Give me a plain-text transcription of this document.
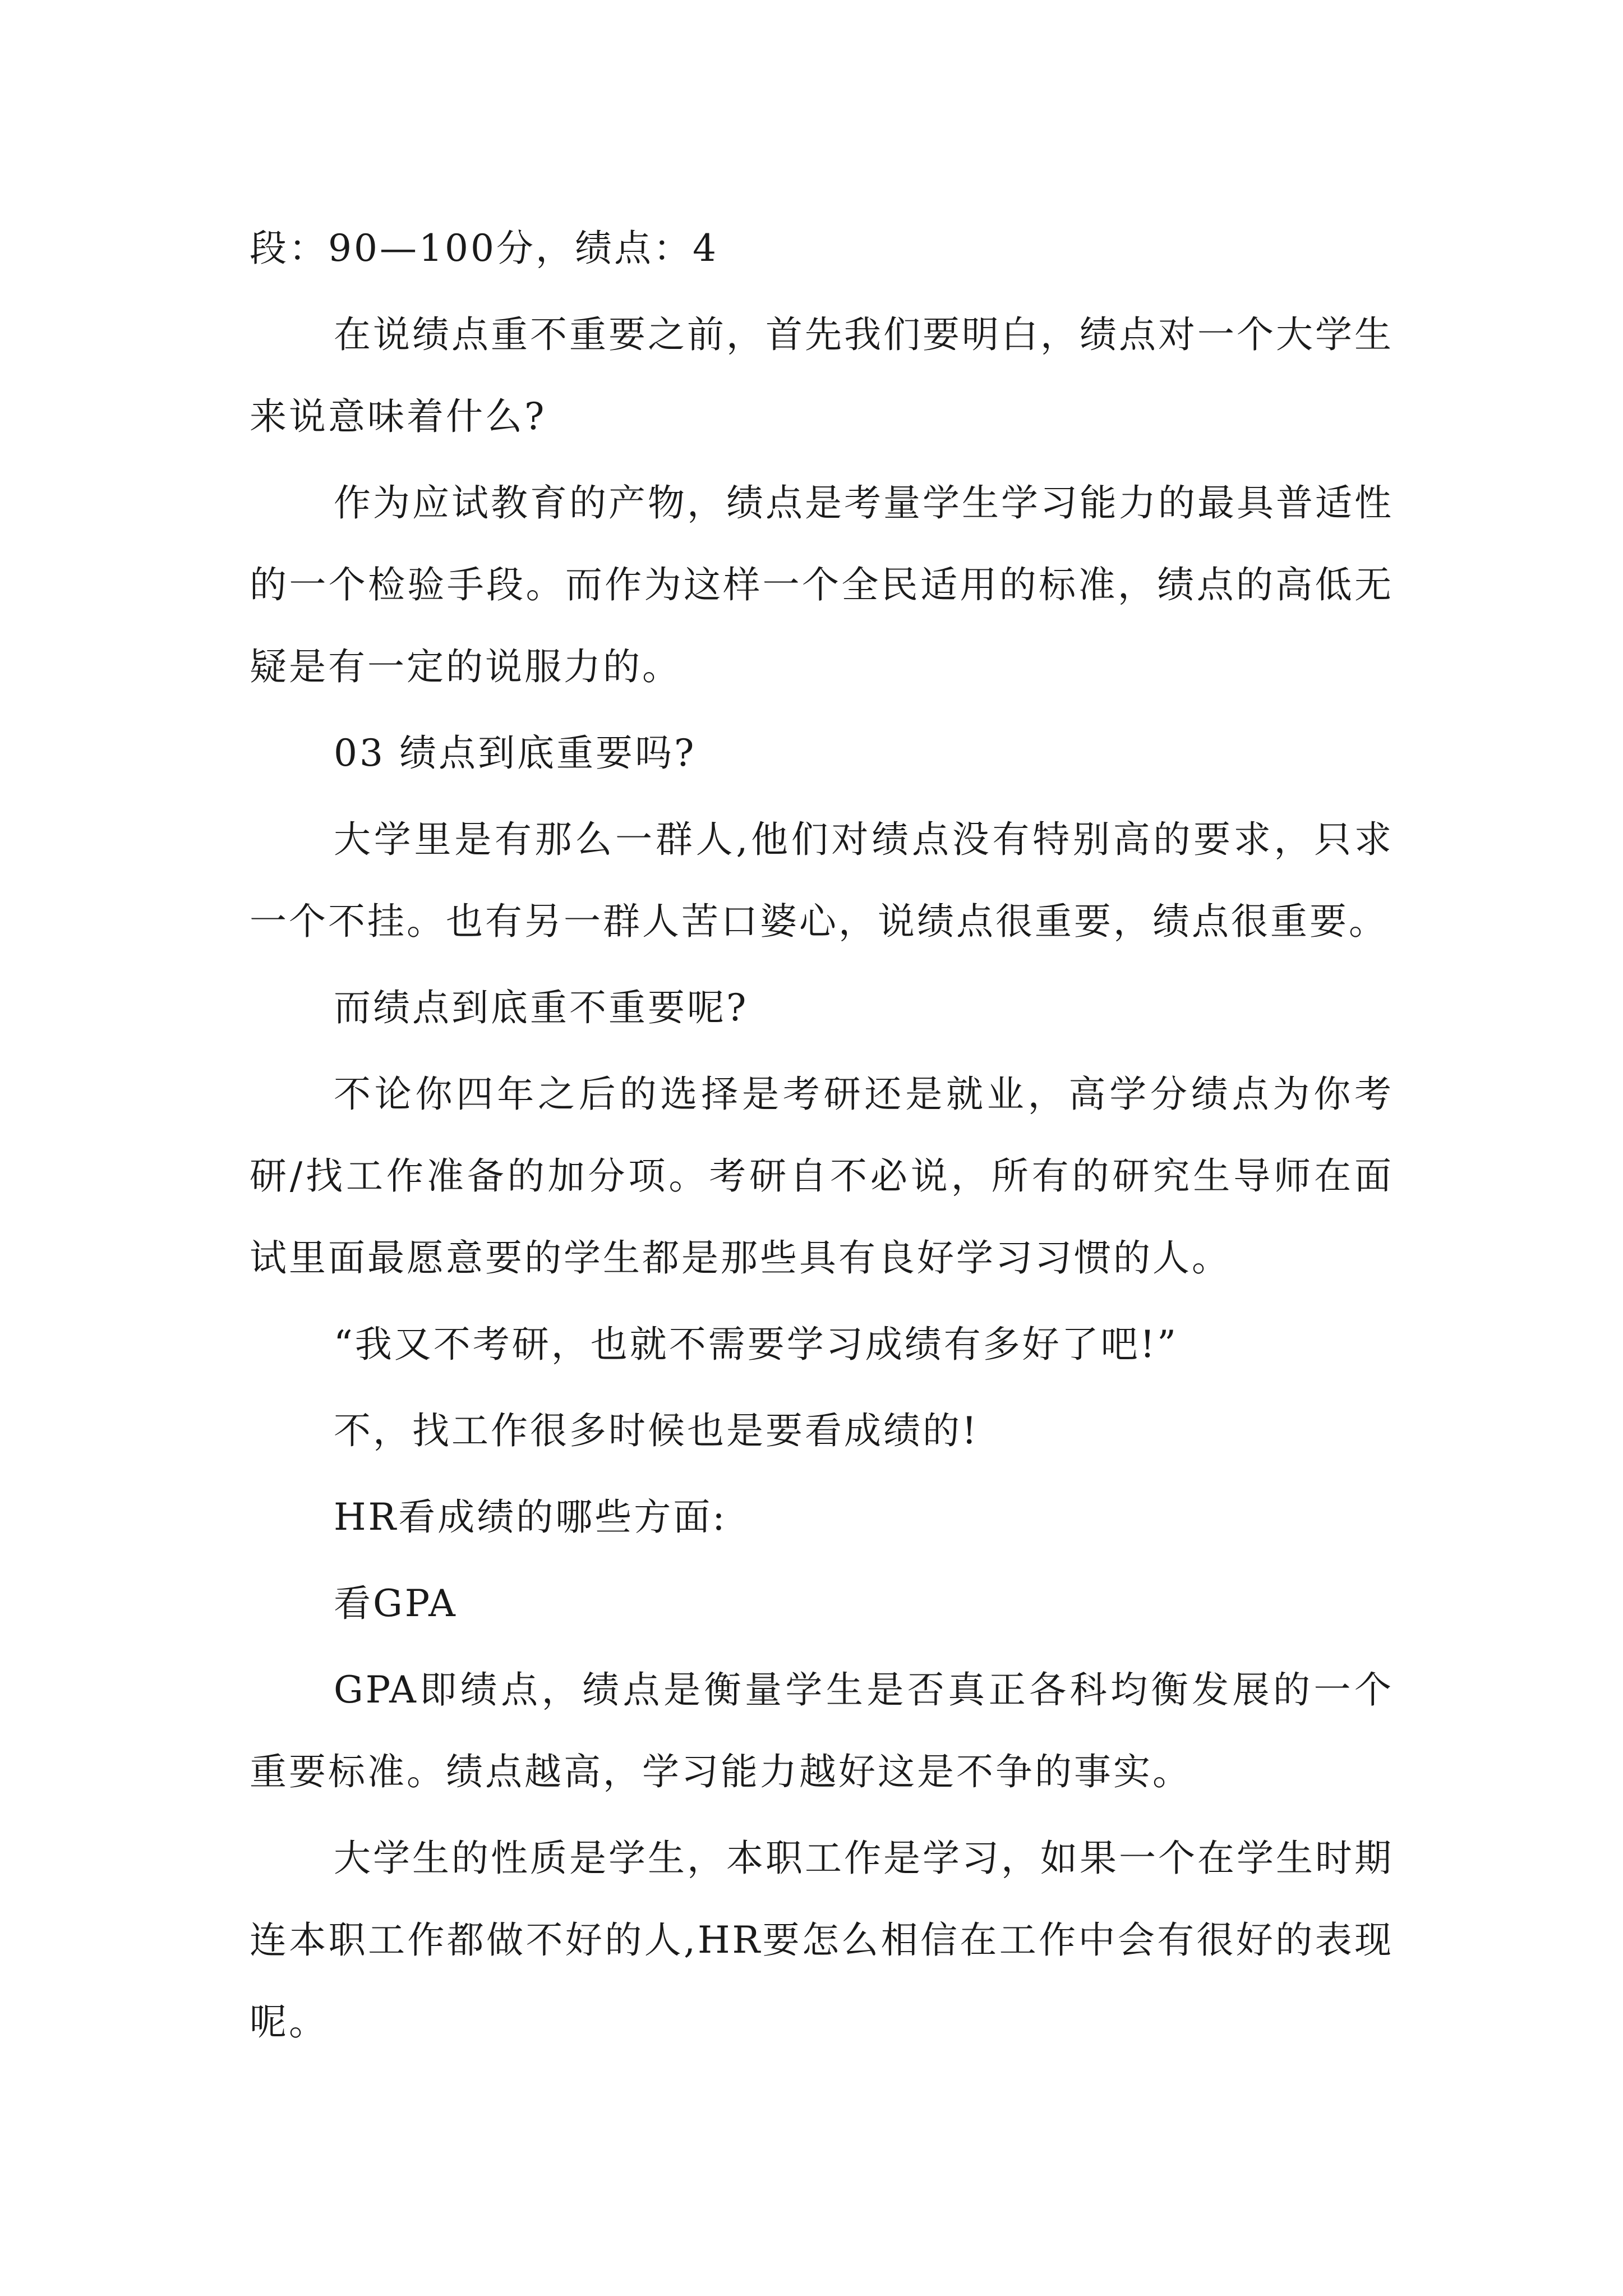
段：90—100分，绩点：4

在说绩点重不重要之前，首先我们要明白，绩点对一个大学生来说意味着什么?

作为应试教育的产物，绩点是考量学生学习能力的最具普适性的一个检验手段。而作为这样一个全民适用的标准，绩点的高低无疑是有一定的说服力的。

03 绩点到底重要吗?

大学里是有那么一群人,他们对绩点没有特别高的要求，只求一个不挂。也有另一群人苦口婆心，说绩点很重要，绩点很重要。

而绩点到底重不重要呢?

不论你四年之后的选择是考研还是就业，高学分绩点为你考研/找工作准备的加分项。考研自不必说，所有的研究生导师在面试里面最愿意要的学生都是那些具有良好学习习惯的人。

“我又不考研，也就不需要学习成绩有多好了吧!”

不，找工作很多时候也是要看成绩的!

HR看成绩的哪些方面:

看GPA

GPA即绩点，绩点是衡量学生是否真正各科均衡发展的一个重要标准。绩点越高，学习能力越好这是不争的事实。

大学生的性质是学生，本职工作是学习，如果一个在学生时期连本职工作都做不好的人,HR要怎么相信在工作中会有很好的表现呢。
